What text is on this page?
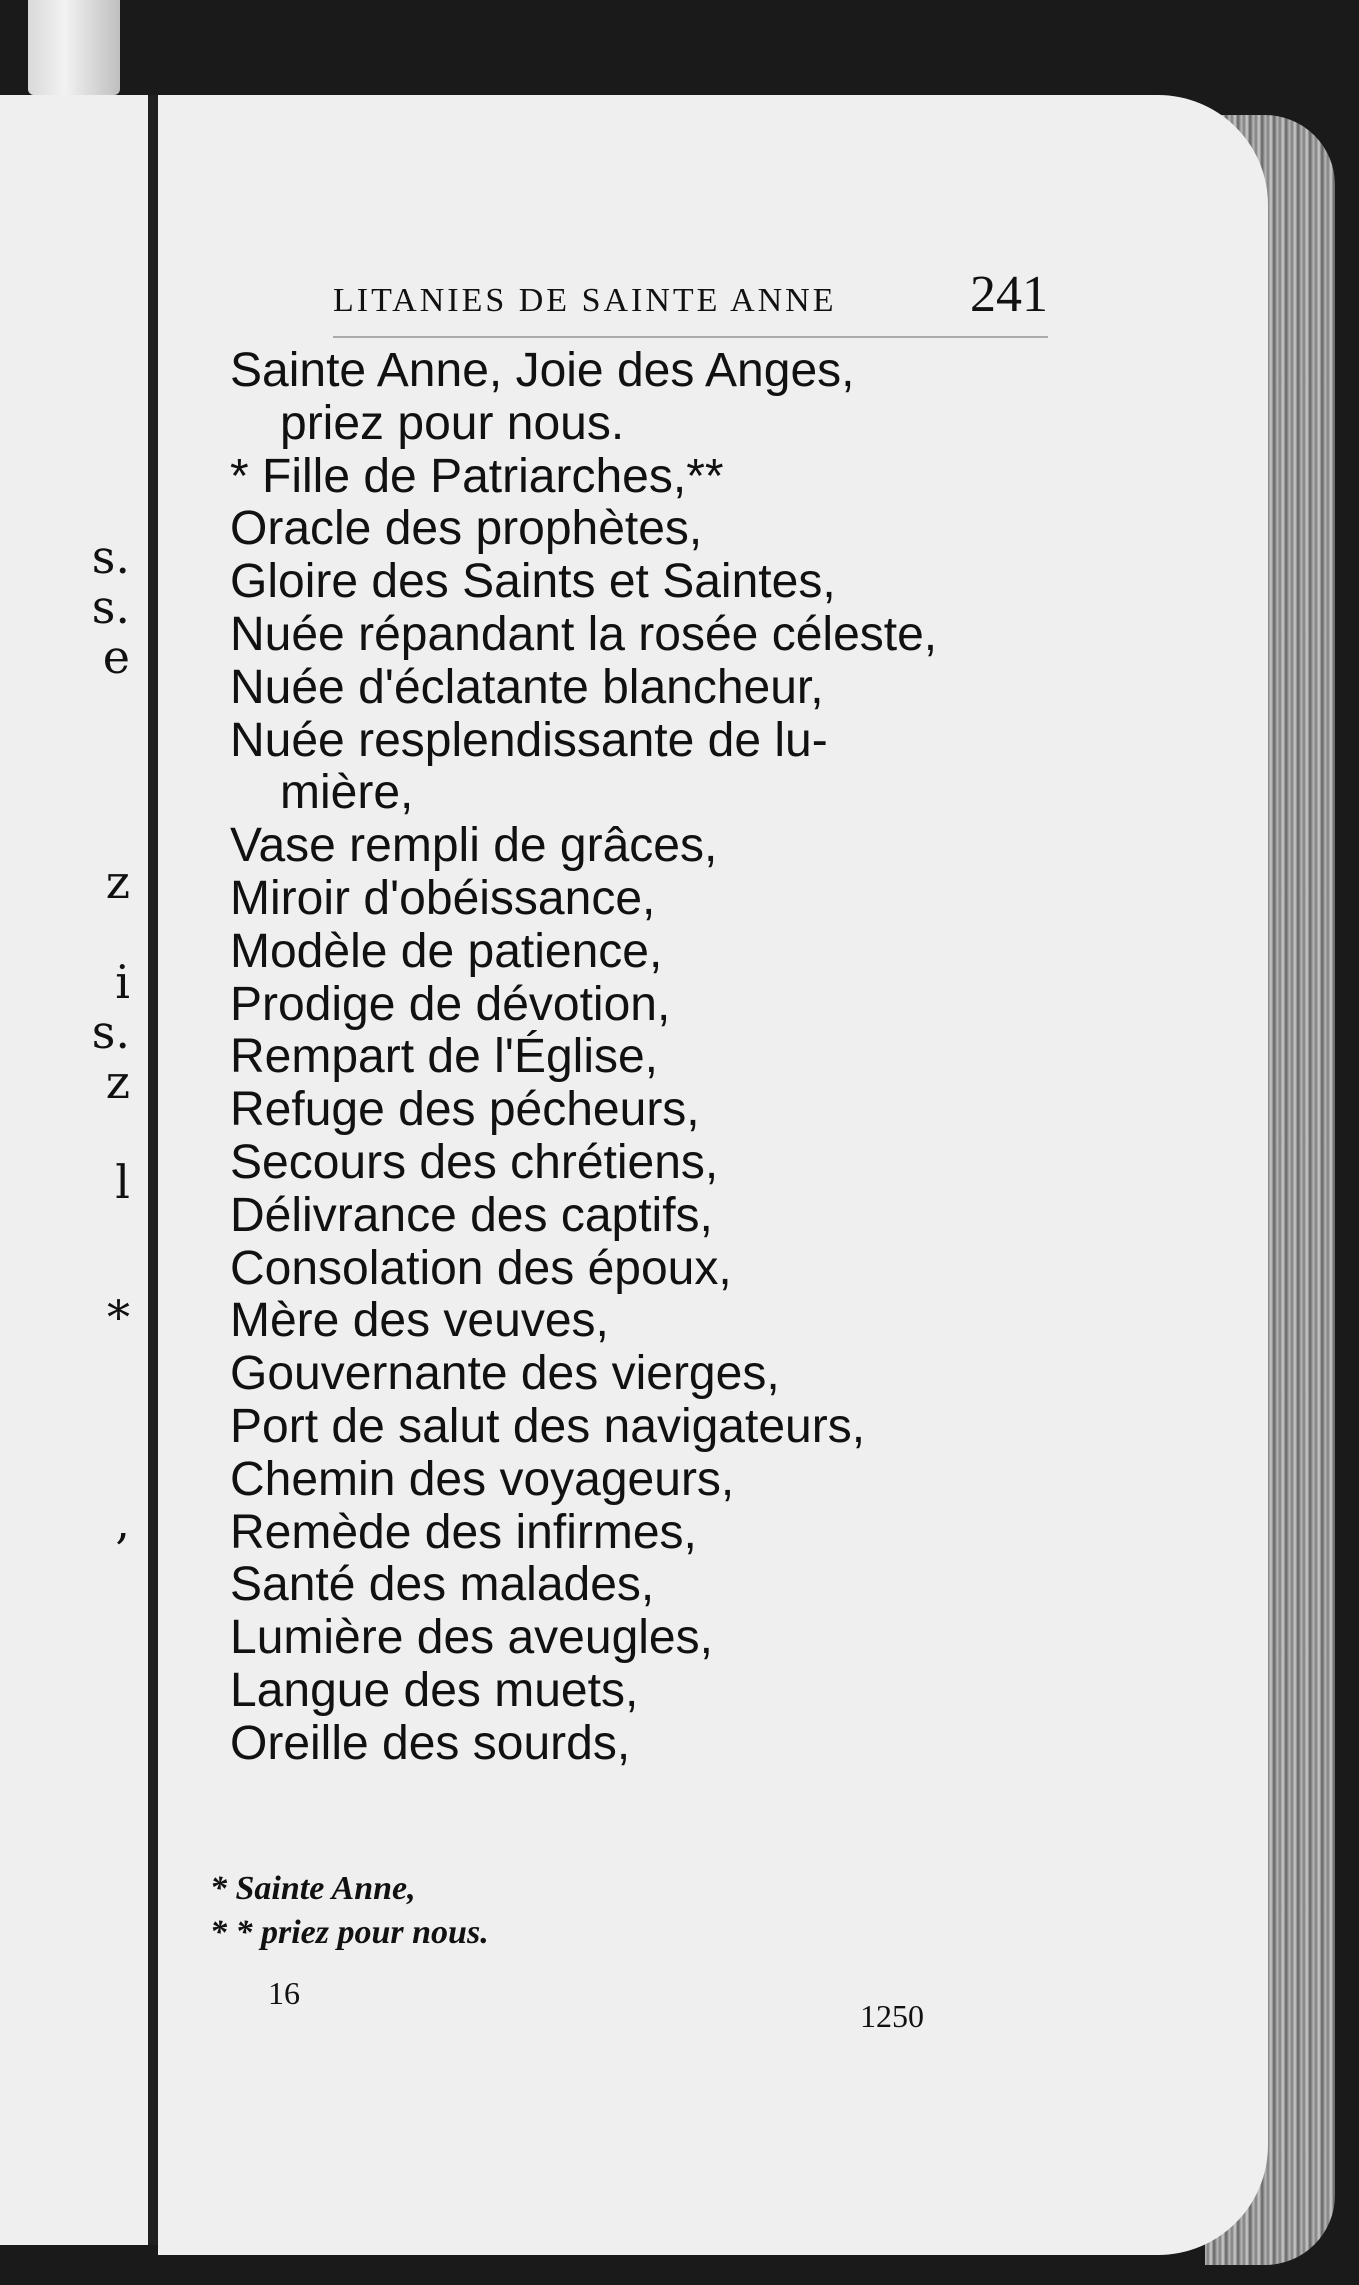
s.
s.
e
z
i
s.
z
l
*
,
LITANIES DE SAINTE ANNE	241
Sainte Anne, Joie des Anges,
priez pour nous.
* Fille de Patriarches,**
Oracle des prophètes,
Gloire des Saints et Saintes,
Nuée répandant la rosée céleste,
Nuée d'éclatante blancheur,
Nuée resplendissante de lu-
mière,
Vase rempli de grâces,
Miroir d'obéissance,
Modèle de patience,
Prodige de dévotion,
Rempart de l'Église,
Refuge des pécheurs,
Secours des chrétiens,
Délivrance des captifs,
Consolation des époux,
Mère des veuves,
Gouvernante des vierges,
Port de salut des navigateurs,
Chemin des voyageurs,
Remède des infirmes,
Santé des malades,
Lumière des aveugles,
Langue des muets,
Oreille des sourds,
* Sainte Anne,
* * priez pour nous.
16
1250
